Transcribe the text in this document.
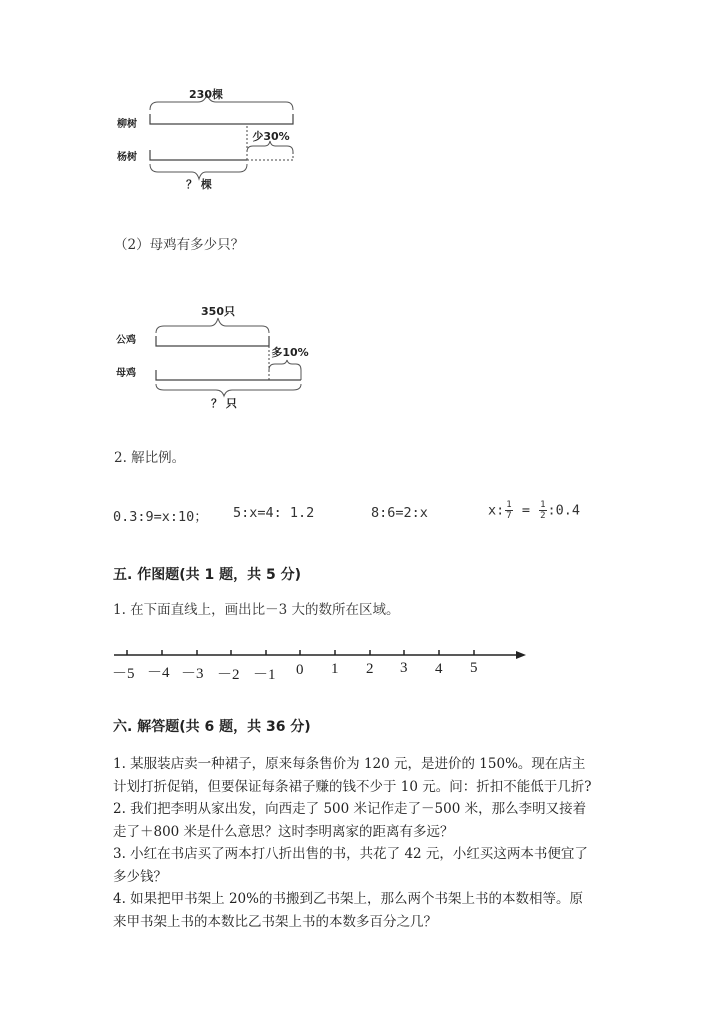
230棵
柳树
杨树
少30%
？ 棵
（2）母鸡有多少只？
350只
公鸡
母鸡
多10%
？ 只
2. 解比例。
0.3:9=x:10； 5:x=4: 1.2	8:6=2:x	x: $\frac{1}{7} = \frac{1}{2}$ :0.4
五. 作图题(共 1 题，共 5 分)
1. 在下面直线上，画出比－3 大的数所在区域。
－5 －4 －3 －2 －1 0 1 2 3 4 5
六. 解答题(共 6 题，共 36 分)
1. 某服装店卖一种裙子，原来每条售价为 120 元，是进价的 150%。现在店主
计划打折促销，但要保证每条裙子赚的钱不少于 10 元。问：折扣不能低于几折?
2. 我们把李明从家出发，向西走了 500 米记作走了－500 米，那么李明又接着
走了＋800 米是什么意思？这时李明离家的距离有多远？
3. 小红在书店买了两本打八折出售的书，共花了 42 元，小红买这两本书便宜了
多少钱？
4. 如果把甲书架上 20%的书搬到乙书架上，那么两个书架上书的本数相等。原
来甲书架上书的本数比乙书架上书的本数多百分之几？
